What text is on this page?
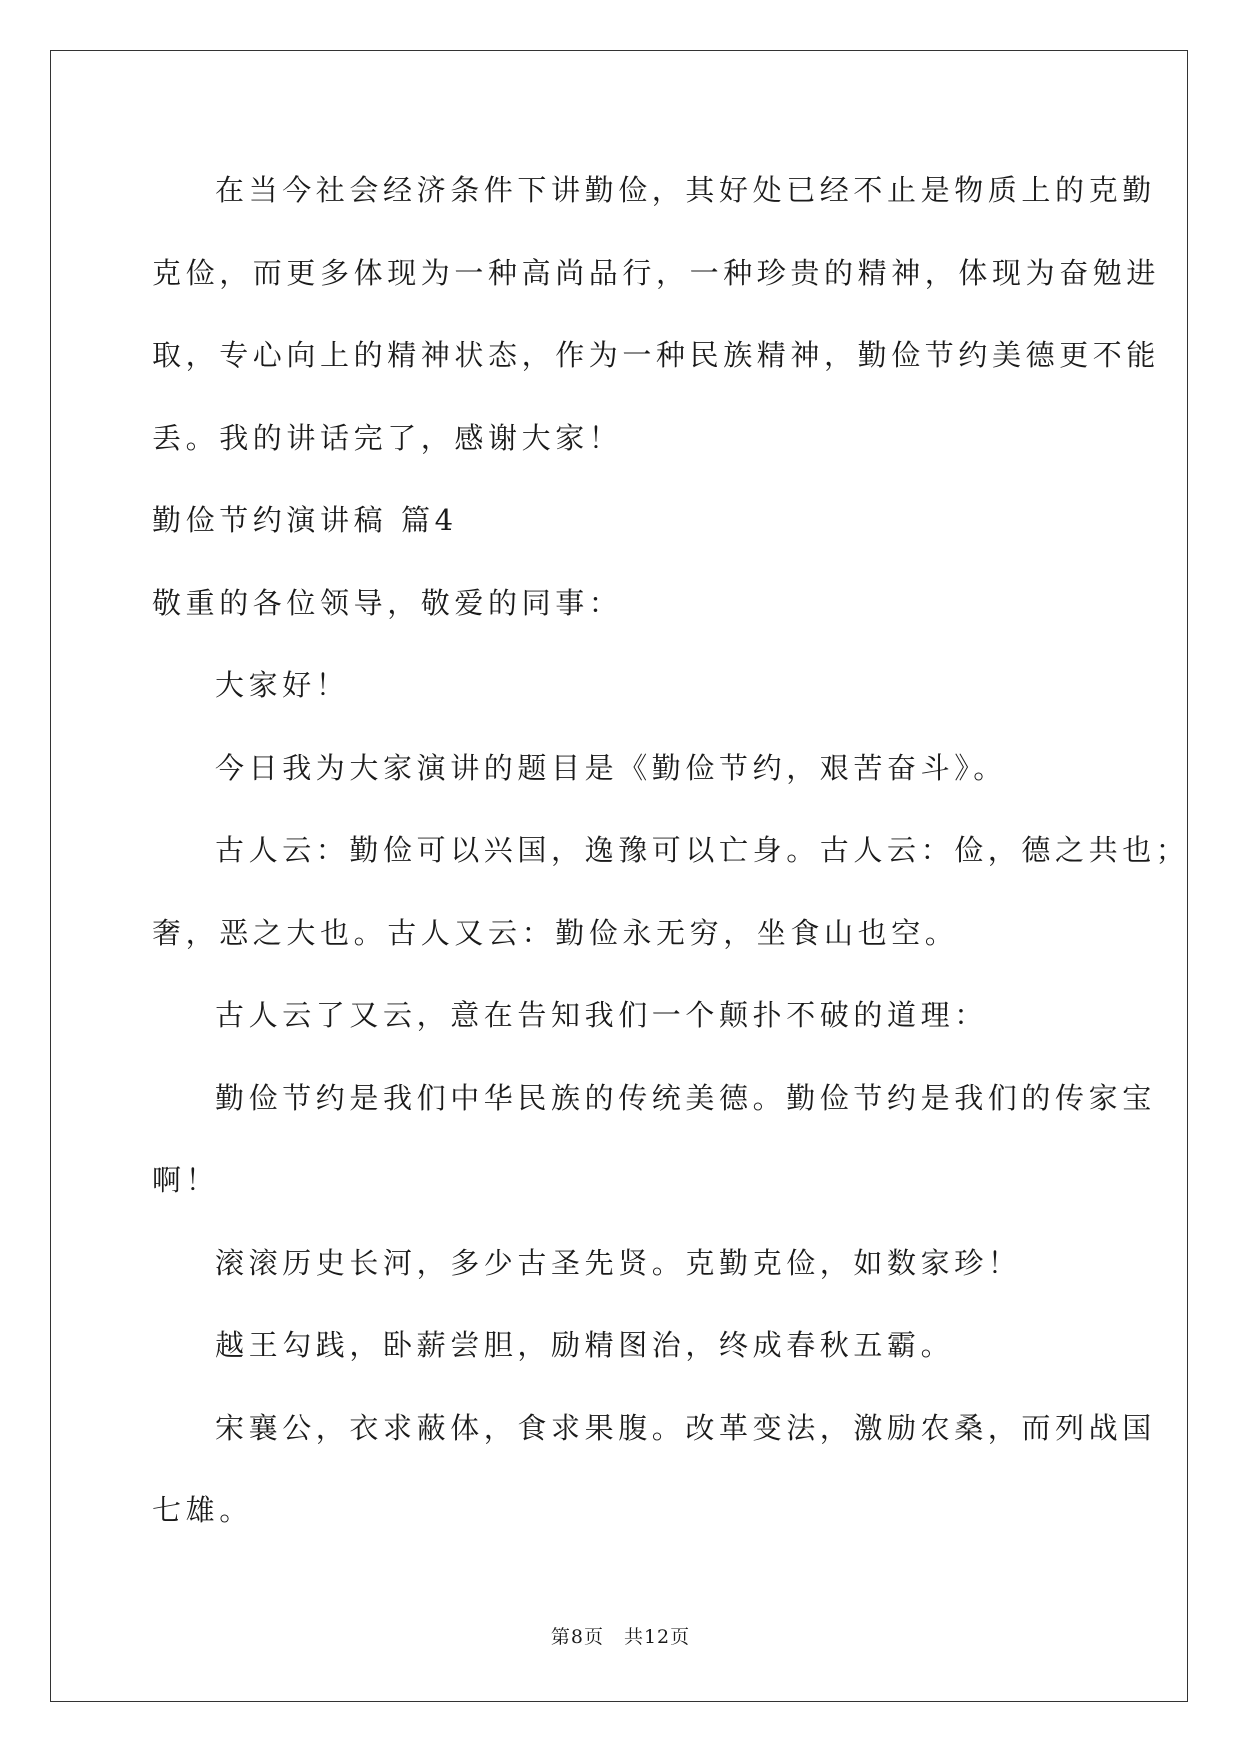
在当今社会经济条件下讲勤俭，其好处已经不止是物质上的克勤
克俭，而更多体现为一种高尚品行，一种珍贵的精神，体现为奋勉进
取，专心向上的精神状态，作为一种民族精神，勤俭节约美德更不能
丢。我的讲话完了，感谢大家！
勤俭节约演讲稿 篇4
敬重的各位领导，敬爱的同事：
大家好！
今日我为大家演讲的题目是《勤俭节约，艰苦奋斗》。
古人云：勤俭可以兴国，逸豫可以亡身。古人云：俭，德之共也；
奢，恶之大也。古人又云：勤俭永无穷，坐食山也空。
古人云了又云，意在告知我们一个颠扑不破的道理：
勤俭节约是我们中华民族的传统美德。勤俭节约是我们的传家宝
啊！
滚滚历史长河，多少古圣先贤。克勤克俭，如数家珍！
越王勾践，卧薪尝胆，励精图治，终成春秋五霸。
宋襄公，衣求蔽体，食求果腹。改革变法，激励农桑，而列战国
七雄。
第8页　共12页
